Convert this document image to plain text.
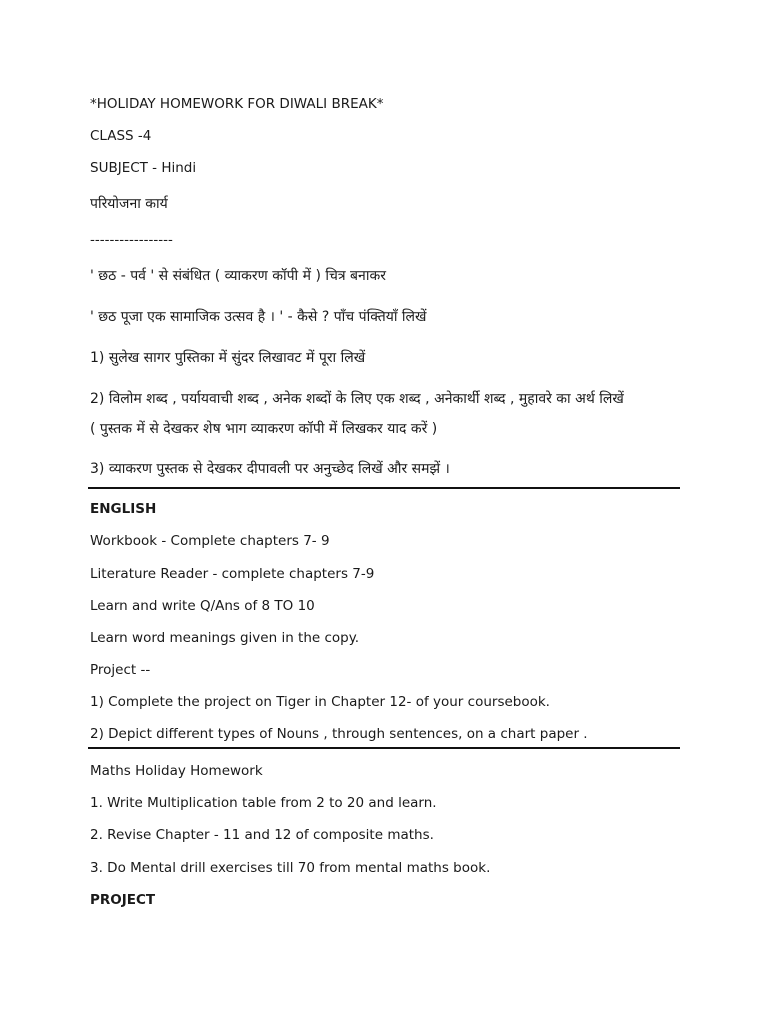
*HOLIDAY HOMEWORK FOR DIWALI BREAK*
CLASS -4
SUBJECT - Hindi
परियोजना कार्य
-----------------
' छठ - पर्व ' से संबंधित ( व्याकरण कॉपी में ) चित्र बनाकर
' छठ पूजा एक सामाजिक उत्सव है । ' - कैसे ? पाँच पंक्तियाँ लिखें
1) सुलेख सागर पुस्तिका में सुंदर लिखावट में पूरा लिखें
2) विलोम शब्द , पर्यायवाची शब्द , अनेक शब्दों के लिए एक शब्द , अनेकार्थी शब्द , मुहावरे का अर्थ लिखें
( पुस्तक में से देखकर शेष भाग व्याकरण कॉपी में लिखकर याद करें )
3) व्याकरण पुस्तक से देखकर दीपावली पर अनुच्छेद लिखें और समझें ।
ENGLISH
Workbook - Complete chapters 7- 9
Literature Reader - complete chapters 7-9
Learn and write Q/Ans of 8 TO 10
Learn word meanings given in the copy.
Project --
1) Complete the project on Tiger in Chapter 12- of your coursebook.
2) Depict different types of Nouns , through sentences, on a chart paper .
Maths Holiday Homework
1. Write Multiplication table from 2 to 20 and learn.
2. Revise Chapter - 11 and 12 of composite maths.
3. Do Mental drill exercises till 70 from mental maths book.
PROJECT
